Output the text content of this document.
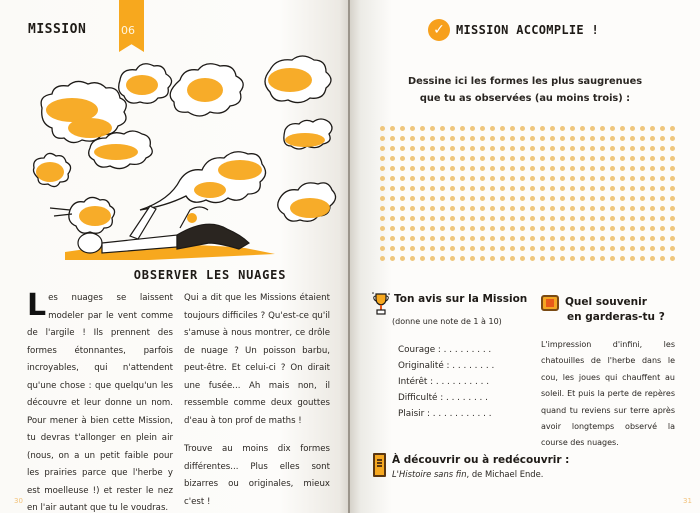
MISSION	06
OBSERVER LES NUAGES
Les nuages se laissent modeler par le vent comme de l'argile ! Ils prennent des formes étonnantes, parfois incroyables, qui n'attendent qu'une chose : que quelqu'un les découvre et leur donne un nom. Pour mener à bien cette Mission, tu devras t'allonger en plein air (nous, on a un petit faible pour les prairies parce que l'herbe y est moelleuse !) et rester le nez en l'air autant que tu le voudras.

Qui a dit que les Missions étaient toujours difficiles ? Qu'est-ce qu'il s'amuse à nous montrer, ce drôle de nuage ? Un poisson barbu, peut-être. Et celui-ci ? On dirait une fusée... Ah mais non, il ressemble comme deux gouttes d'eau à ton prof de maths !

Trouve au moins dix formes différentes... Plus elles sont bizarres ou originales, mieux c'est !

30
✓ MISSION ACCOMPLIE !
Dessine ici les formes les plus saugrenues
que tu as observées (au moins trois) :
Ton avis sur la Mission
(donne une note de 1 à 10)
Courage : . . . . . . . . .
Originalité : . . . . . . . .
Intérêt : . . . . . . . . . .
Difficulté : . . . . . . . .
Plaisir : . . . . . . . . . . .
Quel souvenir
en garderas-tu ?
L'impression d'infini, les chatouilles de l'herbe dans le cou, les joues qui chauffent au soleil. Et puis la perte de repères quand tu reviens sur terre après avoir longtemps observé la course des nuages.
À découvrir ou à redécouvrir :
L'Histoire sans fin, de Michael Ende.
31
